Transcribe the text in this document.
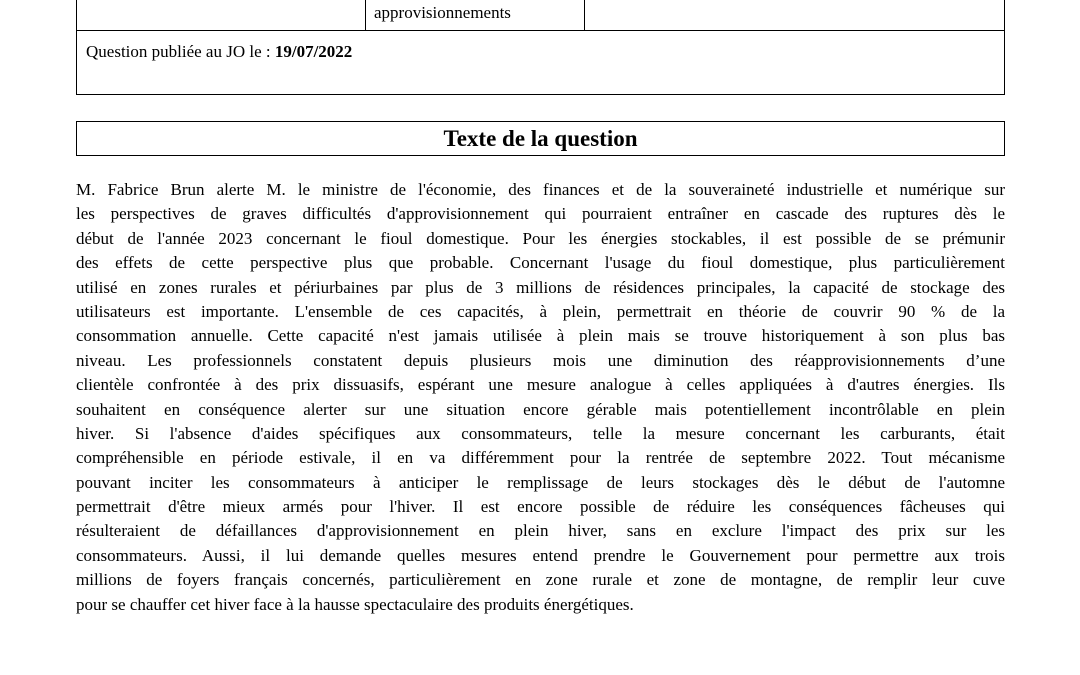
approvisionnements
Question publiée au JO le : 19/07/2022
Texte de la question
M. Fabrice Brun alerte M. le ministre de l'économie, des finances et de la souveraineté industrielle et numérique sur
les perspectives de graves difficultés d'approvisionnement qui pourraient entraîner en cascade des ruptures dès le
début de l'année 2023 concernant le fioul domestique. Pour les énergies stockables, il est possible de se prémunir
des effets de cette perspective plus que probable. Concernant l'usage du fioul domestique, plus particulièrement
utilisé en zones rurales et périurbaines par plus de 3 millions de résidences principales, la capacité de stockage des
utilisateurs est importante. L'ensemble de ces capacités, à plein, permettrait en théorie de couvrir 90 % de la
consommation annuelle. Cette capacité n'est jamais utilisée à plein mais se trouve historiquement à son plus bas
niveau. Les professionnels constatent depuis plusieurs mois une diminution des réapprovisionnements d’une
clientèle confrontée à des prix dissuasifs, espérant une mesure analogue à celles appliquées à d'autres énergies. Ils
souhaitent en conséquence alerter sur une situation encore gérable mais potentiellement incontrôlable en plein
hiver. Si l'absence d'aides spécifiques aux consommateurs, telle la mesure concernant les carburants, était
compréhensible en période estivale, il en va différemment pour la rentrée de septembre 2022. Tout mécanisme
pouvant inciter les consommateurs à anticiper le remplissage de leurs stockages dès le début de l'automne
permettrait d'être mieux armés pour l'hiver. Il est encore possible de réduire les conséquences fâcheuses qui
résulteraient de défaillances d'approvisionnement en plein hiver, sans en exclure l'impact des prix sur les
consommateurs. Aussi, il lui demande quelles mesures entend prendre le Gouvernement pour permettre aux trois
millions de foyers français concernés, particulièrement en zone rurale et zone de montagne, de remplir leur cuve
pour se chauffer cet hiver face à la hausse spectaculaire des produits énergétiques.
